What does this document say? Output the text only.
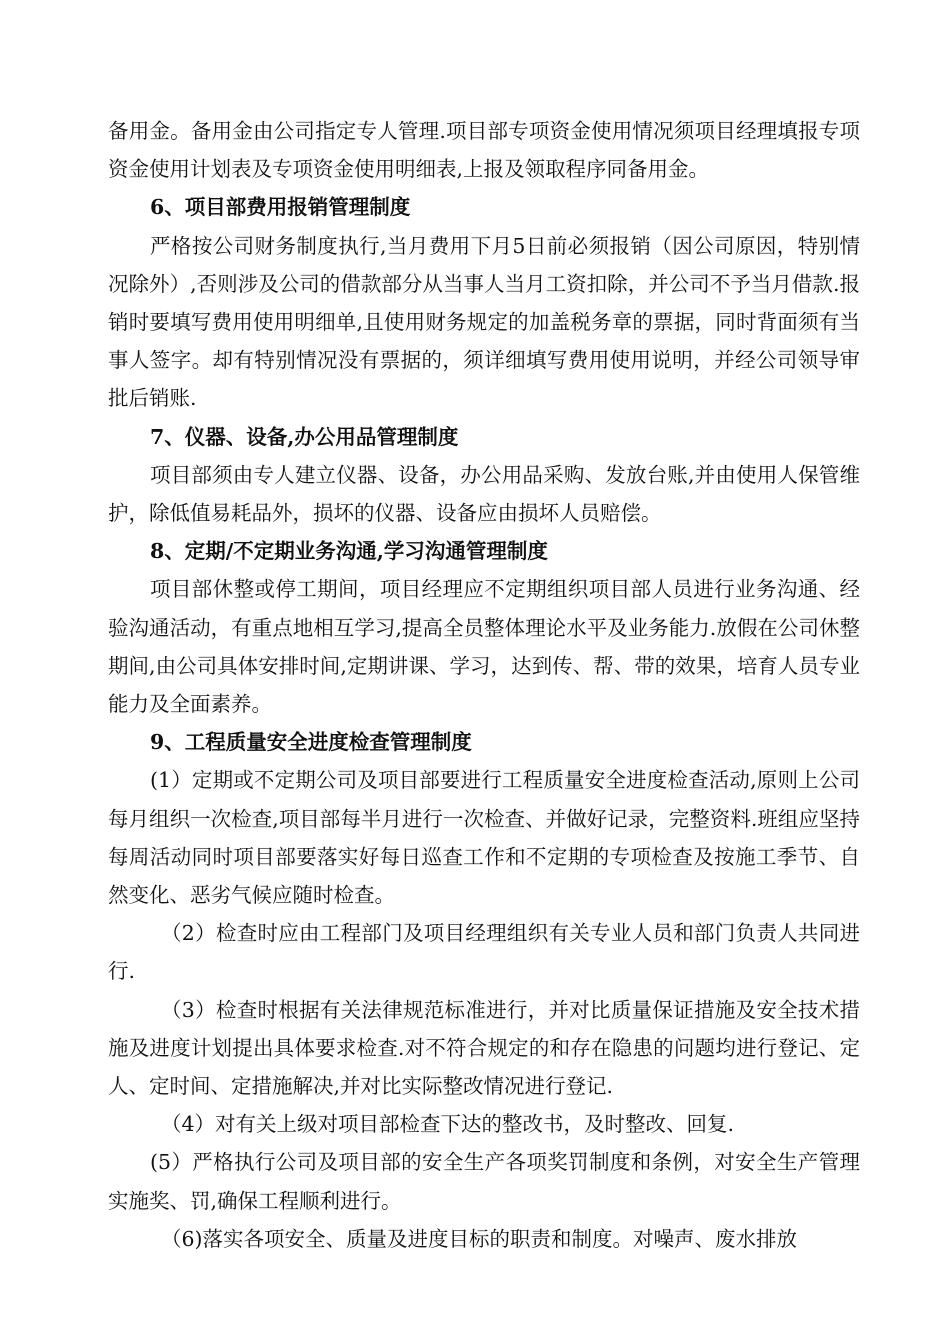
备用金。备用金由公司指定专人管理.项目部专项资金使用情况须项目经理填报专项资金使用计划表及专项资金使用明细表,上报及领取程序同备用金。

6、项目部费用报销管理制度

严格按公司财务制度执行,当月费用下月5日前必须报销（因公司原因，特别情况除外）,否则涉及公司的借款部分从当事人当月工资扣除，并公司不予当月借款.报销时要填写费用使用明细单,且使用财务规定的加盖税务章的票据，同时背面须有当事人签字。却有特别情况没有票据的，须详细填写费用使用说明，并经公司领导审批后销账.

7、仪器、设备,办公用品管理制度

项目部须由专人建立仪器、设备，办公用品采购、发放台账,并由使用人保管维护，除低值易耗品外，损坏的仪器、设备应由损坏人员赔偿。

8、定期/不定期业务沟通,学习沟通管理制度

项目部休整或停工期间，项目经理应不定期组织项目部人员进行业务沟通、经验沟通活动，有重点地相互学习,提高全员整体理论水平及业务能力.放假在公司休整期间,由公司具体安排时间,定期讲课、学习，达到传、帮、带的效果，培育人员专业能力及全面素养。

9、工程质量安全进度检查管理制度

(1）定期或不定期公司及项目部要进行工程质量安全进度检查活动,原则上公司每月组织一次检查,项目部每半月进行一次检查、并做好记录，完整资料.班组应坚持每周活动同时项目部要落实好每日巡查工作和不定期的专项检查及按施工季节、自然变化、恶劣气候应随时检查。

（2）检查时应由工程部门及项目经理组织有关专业人员和部门负责人共同进行.

（3）检查时根据有关法律规范标准进行，并对比质量保证措施及安全技术措施及进度计划提出具体要求检查.对不符合规定的和存在隐患的问题均进行登记、定人、定时间、定措施解决,并对比实际整改情况进行登记.

（4）对有关上级对项目部检查下达的整改书，及时整改、回复.

(5）严格执行公司及项目部的安全生产各项奖罚制度和条例，对安全生产管理实施奖、罚,确保工程顺利进行。

（6)落实各项安全、质量及进度目标的职责和制度。对噪声、废水排放
